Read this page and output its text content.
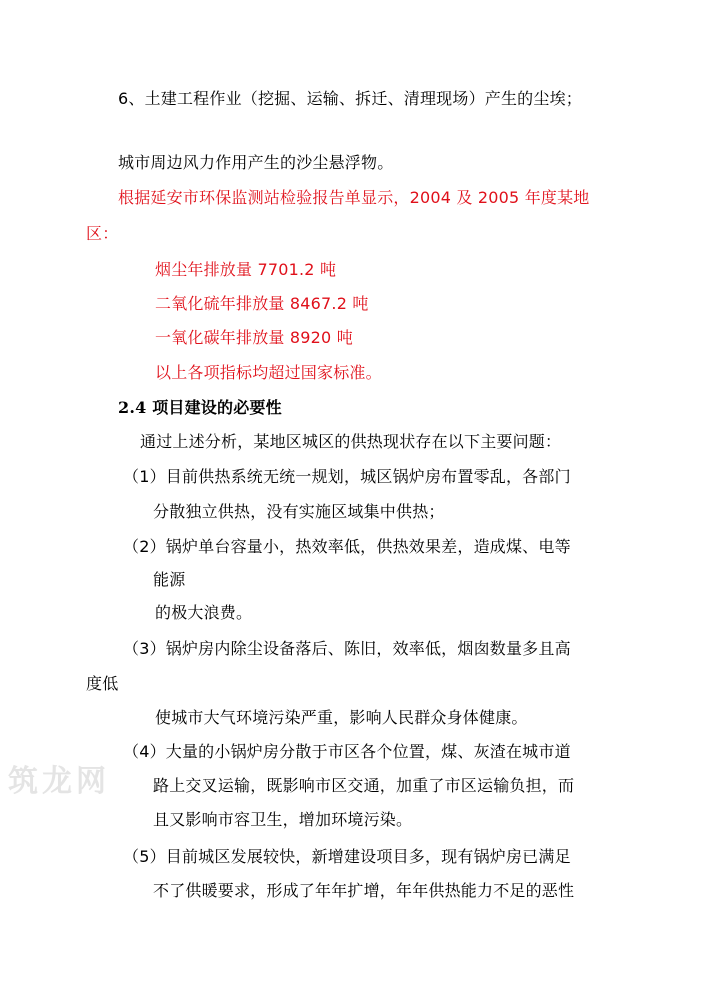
筑龙网
6、土建工程作业（挖掘、运输、拆迁、清理现场）产生的尘埃；
城市周边风力作用产生的沙尘悬浮物。
根据延安市环保监测站检验报告单显示，2004 及 2005 年度某地
区：
烟尘年排放量 7701.2 吨
二氧化硫年排放量 8467.2 吨
一氧化碳年排放量 8920 吨
以上各项指标均超过国家标准。
2.4 项目建设的必要性
通过上述分析，某地区城区的供热现状存在以下主要问题：
（1）目前供热系统无统一规划，城区锅炉房布置零乱，各部门
分散独立供热，没有实施区域集中供热；
（2）锅炉单台容量小，热效率低，供热效果差，造成煤、电等
能源
的极大浪费。
（3）锅炉房内除尘设备落后、陈旧，效率低，烟囱数量多且高
度低
使城市大气环境污染严重，影响人民群众身体健康。
（4）大量的小锅炉房分散于市区各个位置，煤、灰渣在城市道
路上交叉运输，既影响市区交通，加重了市区运输负担，而
且又影响市容卫生，增加环境污染。
（5）目前城区发展较快，新增建设项目多，现有锅炉房已满足
不了供暖要求，形成了年年扩增，年年供热能力不足的恶性
